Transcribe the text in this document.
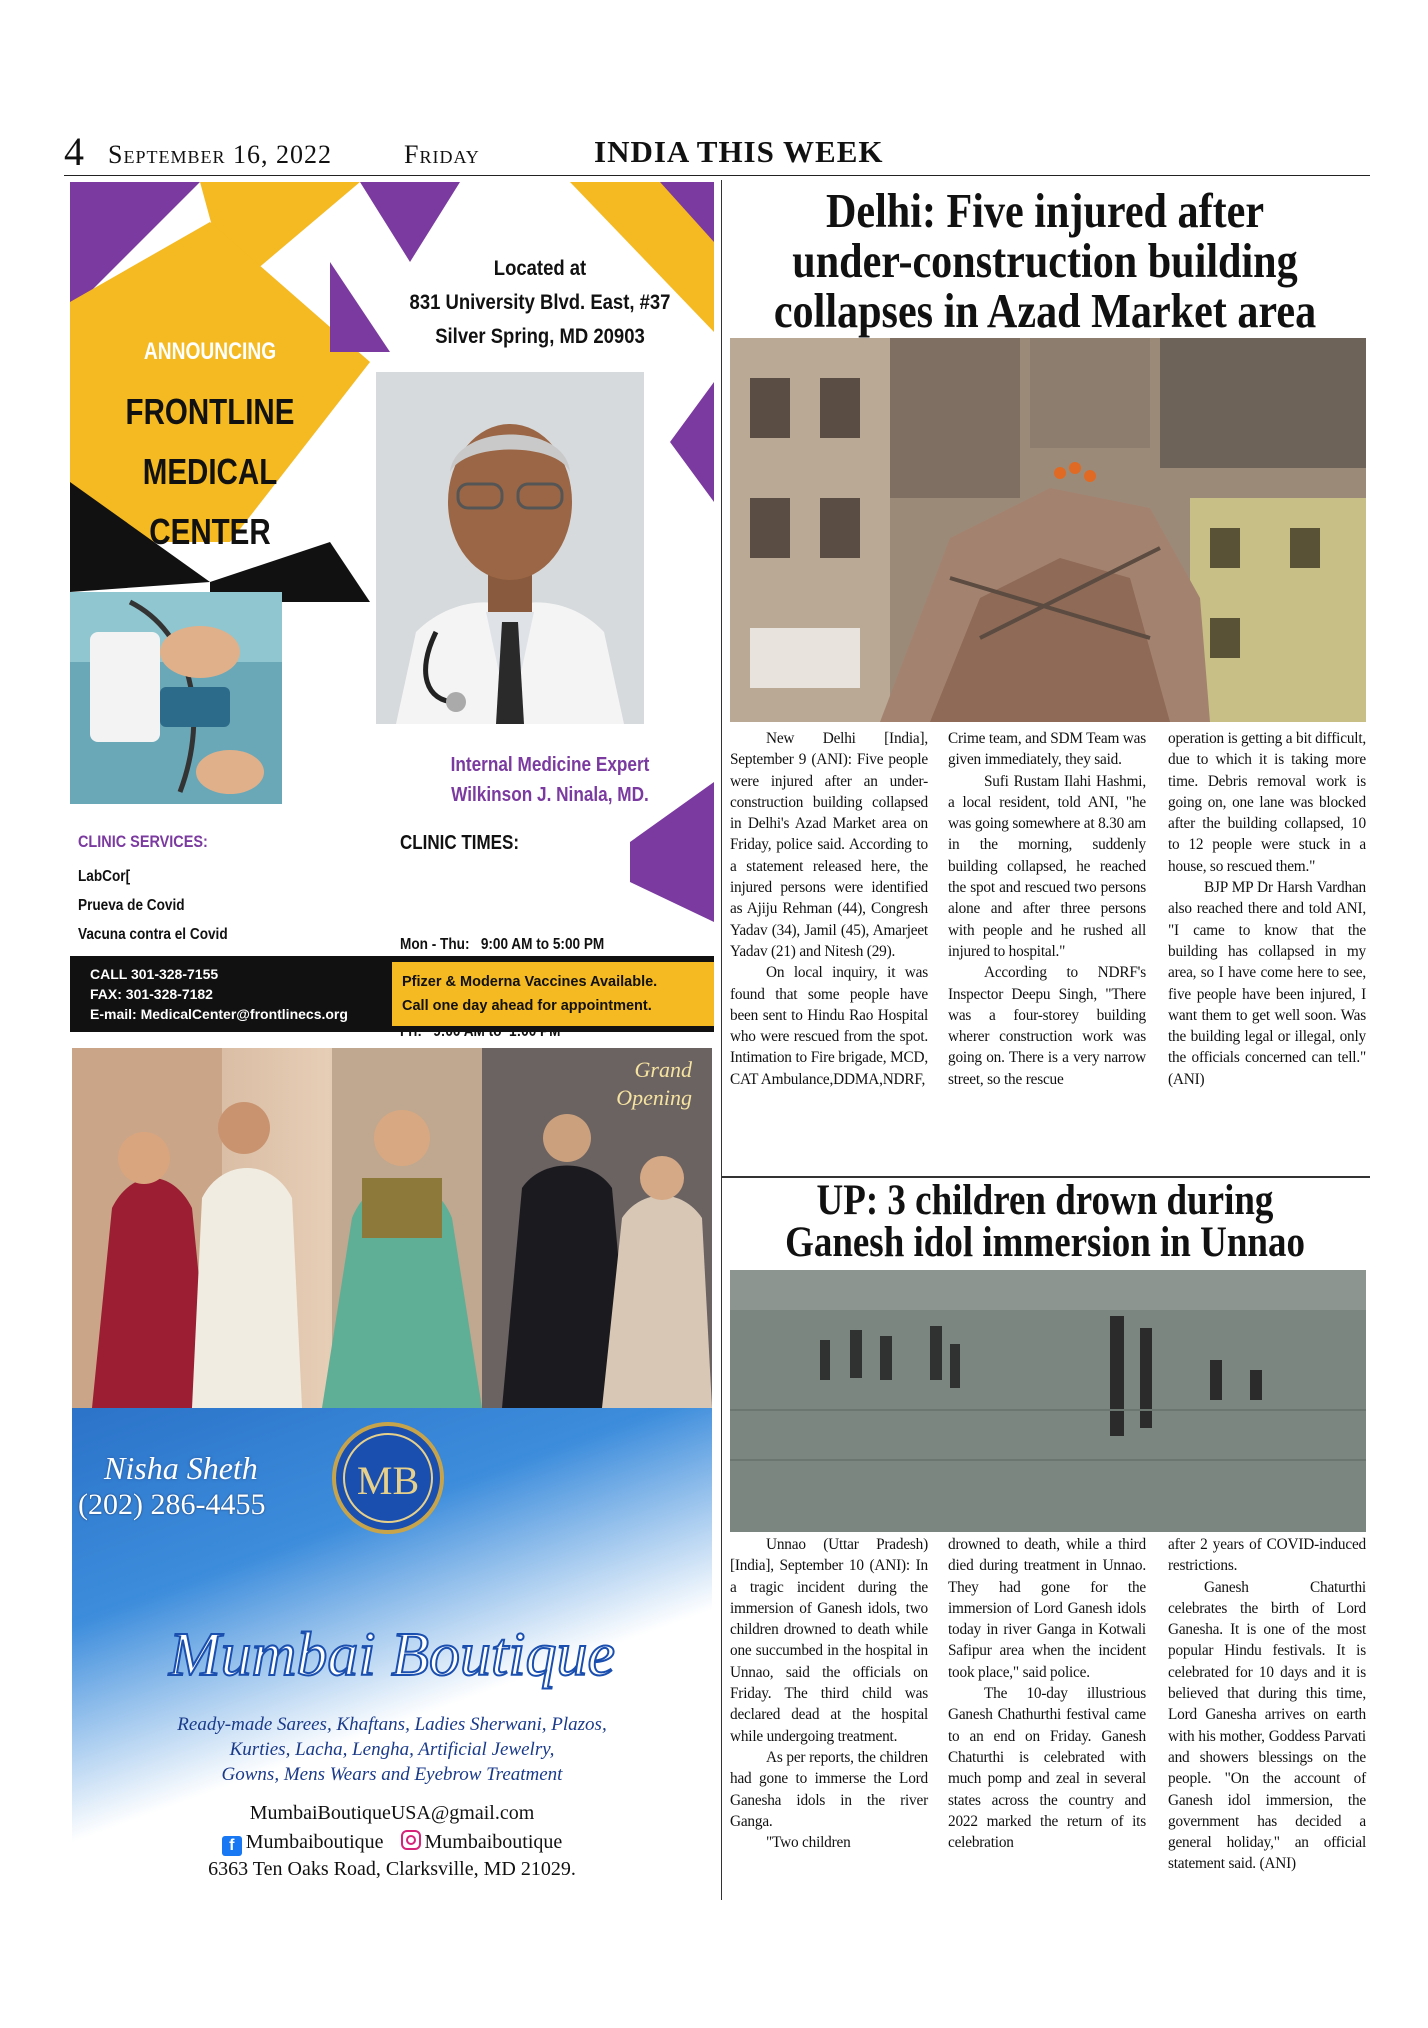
4 September 16, 2022	Friday	INDIA THIS WEEK
Located at
831 University Blvd. East, #37
Silver Spring, MD 20903
ANNOUNCING
FRONTLINE
MEDICAL
CENTER
Internal Medicine Expert
Wilkinson J. Ninala, MD.
CLINIC SERVICES:
LabCor[
Prueva de Covid
Vacuna contra el Covid
CLINIC TIMES:

Mon - Thu:   9:00 AM to 5:00 PM

CALL 301-328-7155
FAX: 301-328-7182
E-mail: MedicalCenter@frontlinecs.org
Pfizer & Moderna Vaccines Available.
Call one day ahead for appointment.
Grand
Opening
MB
Nisha Sheth
(202) 286-4455
Mumbai Boutique
Ready-made Sarees, Khaftans, Ladies Sherwani, Plazos,
Kurties, Lacha, Lengha, Artificial Jewelry,
Gowns, Mens Wears and Eyebrow Treatment
MumbaiBoutiqueUSA@gmail.com
f Mumbaiboutique Mumbaiboutique
6363 Ten Oaks Road, Clarksville, MD 21029.
Delhi: Five injured after
under-construction building
collapses in Azad Market area

New Delhi [India], September 9 (ANI): Five people were injured after an under-construction building collapsed in Delhi's Azad Market area on Friday, police said. According to a statement released here, the injured persons were identified as Ajiju Rehman (44), Congresh Yadav (34), Jamil (45), Amarjeet Yadav (21) and Nitesh (29).

On local inquiry, it was found that some people have been sent to Hindu Rao Hospital who were rescued from the spot. Intimation to Fire brigade, MCD, CAT Ambulance,DDMA,NDRF,

Crime team, and SDM Team was given immediately, they said.

Sufi Rustam Ilahi Hashmi, a local resident, told ANI, "he was going somewhere at 8.30 am in the morning, suddenly building collapsed, he reached the spot and rescued two persons alone and after three persons with people and he rushed all injured to hospital."

According to NDRF's Inspector Deepu Singh, "There was a four-storey building wherer construction work was going on. There is a very narrow street, so the rescue

operation is getting a bit difficult, due to which it is taking more time. Debris removal work is going on, one lane was blocked after the building collapsed, 10 to 12 people were stuck in a house, so rescued them."

BJP MP Dr Harsh Vardhan also reached there and told ANI, "I came to know that the building has collapsed in my area, so I have come here to see, five people have been injured, I want them to get well soon. Was the building legal or illegal, only the officials concerned can tell." (ANI)

UP: 3 children drown during
Ganesh idol immersion in Unnao

Unnao (Uttar Pradesh) [India], September 10 (ANI): In a tragic incident during the immersion of Ganesh idols, two children drowned to death while one succumbed in the hospital in Unnao, said the officials on Friday. The third child was declared dead at the hospital while undergoing treatment.

As per reports, the children had gone to immerse the Lord Ganesha idols in the river Ganga.

"Two children

drowned to death, while a third died during treatment in Unnao. They had gone for the immersion of Lord Ganesh idols today in river Ganga in Kotwali Safipur area when the incident took place," said police.

The 10-day illustrious Ganesh Chathurthi festival came to an end on Friday. Ganesh Chaturthi is celebrated with much pomp and zeal in several states across the country and 2022 marked the return of its celebration

after 2 years of COVID-induced restrictions.

Ganesh Chaturthi celebrates the birth of Lord Ganesha. It is one of the most popular Hindu festivals. It is celebrated for 10 days and it is believed that during this time, Lord Ganesha arrives on earth with his mother, Goddess Parvati and showers blessings on the people. "On the account of Ganesh idol immersion, the government has decided a general holiday," an official statement said. (ANI)
